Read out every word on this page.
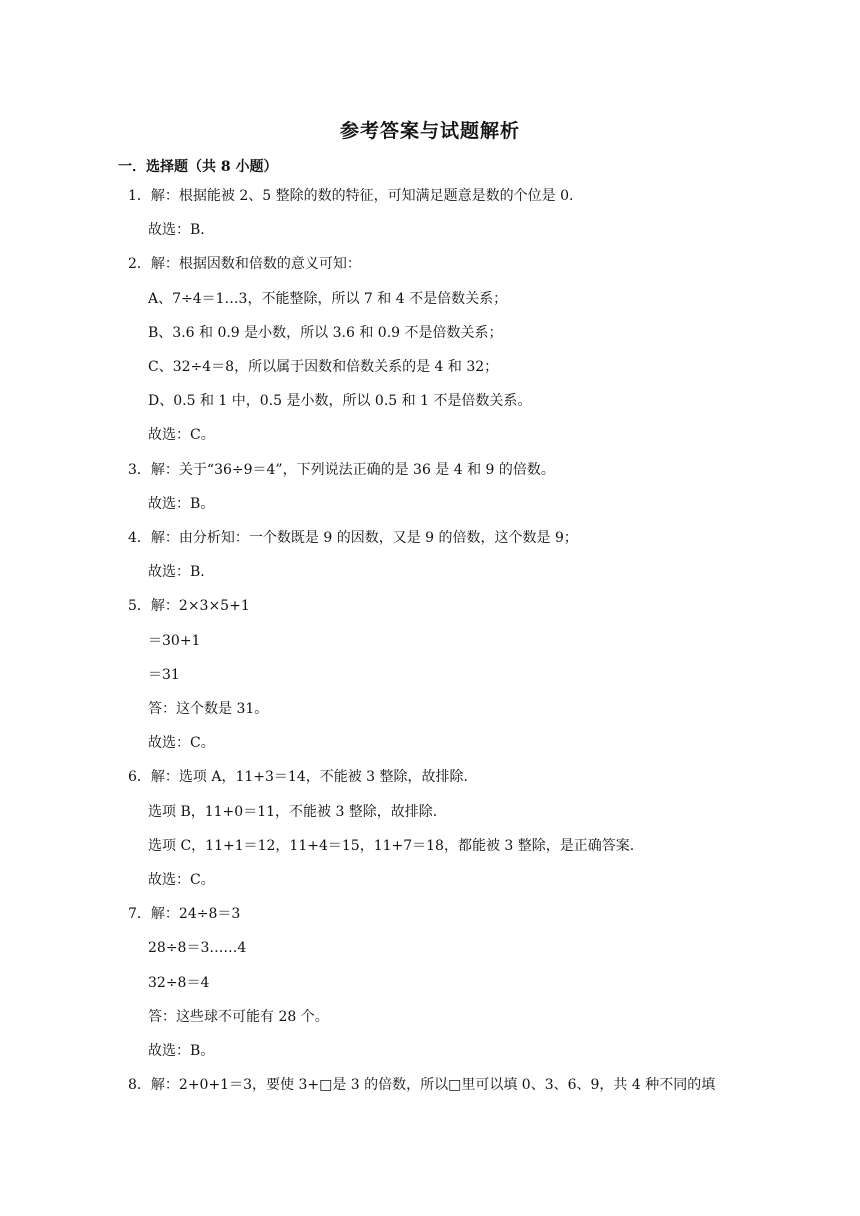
参考答案与试题解析
一．选择题（共 8 小题）
1．解：根据能被 2、5 整除的数的特征，可知满足题意是数的个位是 0.
故选：B.
2．解：根据因数和倍数的意义可知：
A、7÷4＝1…3，不能整除，所以 7 和 4 不是倍数关系；
B、3.6 和 0.9 是小数，所以 3.6 和 0.9 不是倍数关系；
C、32÷4＝8，所以属于因数和倍数关系的是 4 和 32；
D、0.5 和 1 中，0.5 是小数，所以 0.5 和 1 不是倍数关系。
故选：C。
3．解：关于“36÷9＝4”，下列说法正确的是 36 是 4 和 9 的倍数。
故选：B。
4．解：由分析知：一个数既是 9 的因数，又是 9 的倍数，这个数是 9；
故选：B.
5．解：2×3×5+1
＝30+1
＝31
答：这个数是 31。
故选：C。
6．解：选项 A，11+3＝14，不能被 3 整除，故排除.
选项 B，11+0＝11，不能被 3 整除，故排除.
选项 C，11+1＝12，11+4＝15，11+7＝18，都能被 3 整除，是正确答案.
故选：C。
7．解：24÷8＝3
28÷8＝3……4
32÷8＝4
答：这些球不可能有 28 个。
故选：B。
8．解：2+0+1＝3，要使 3+□是 3 的倍数，所以□里可以填 0、3、6、9，共 4 种不同的填
